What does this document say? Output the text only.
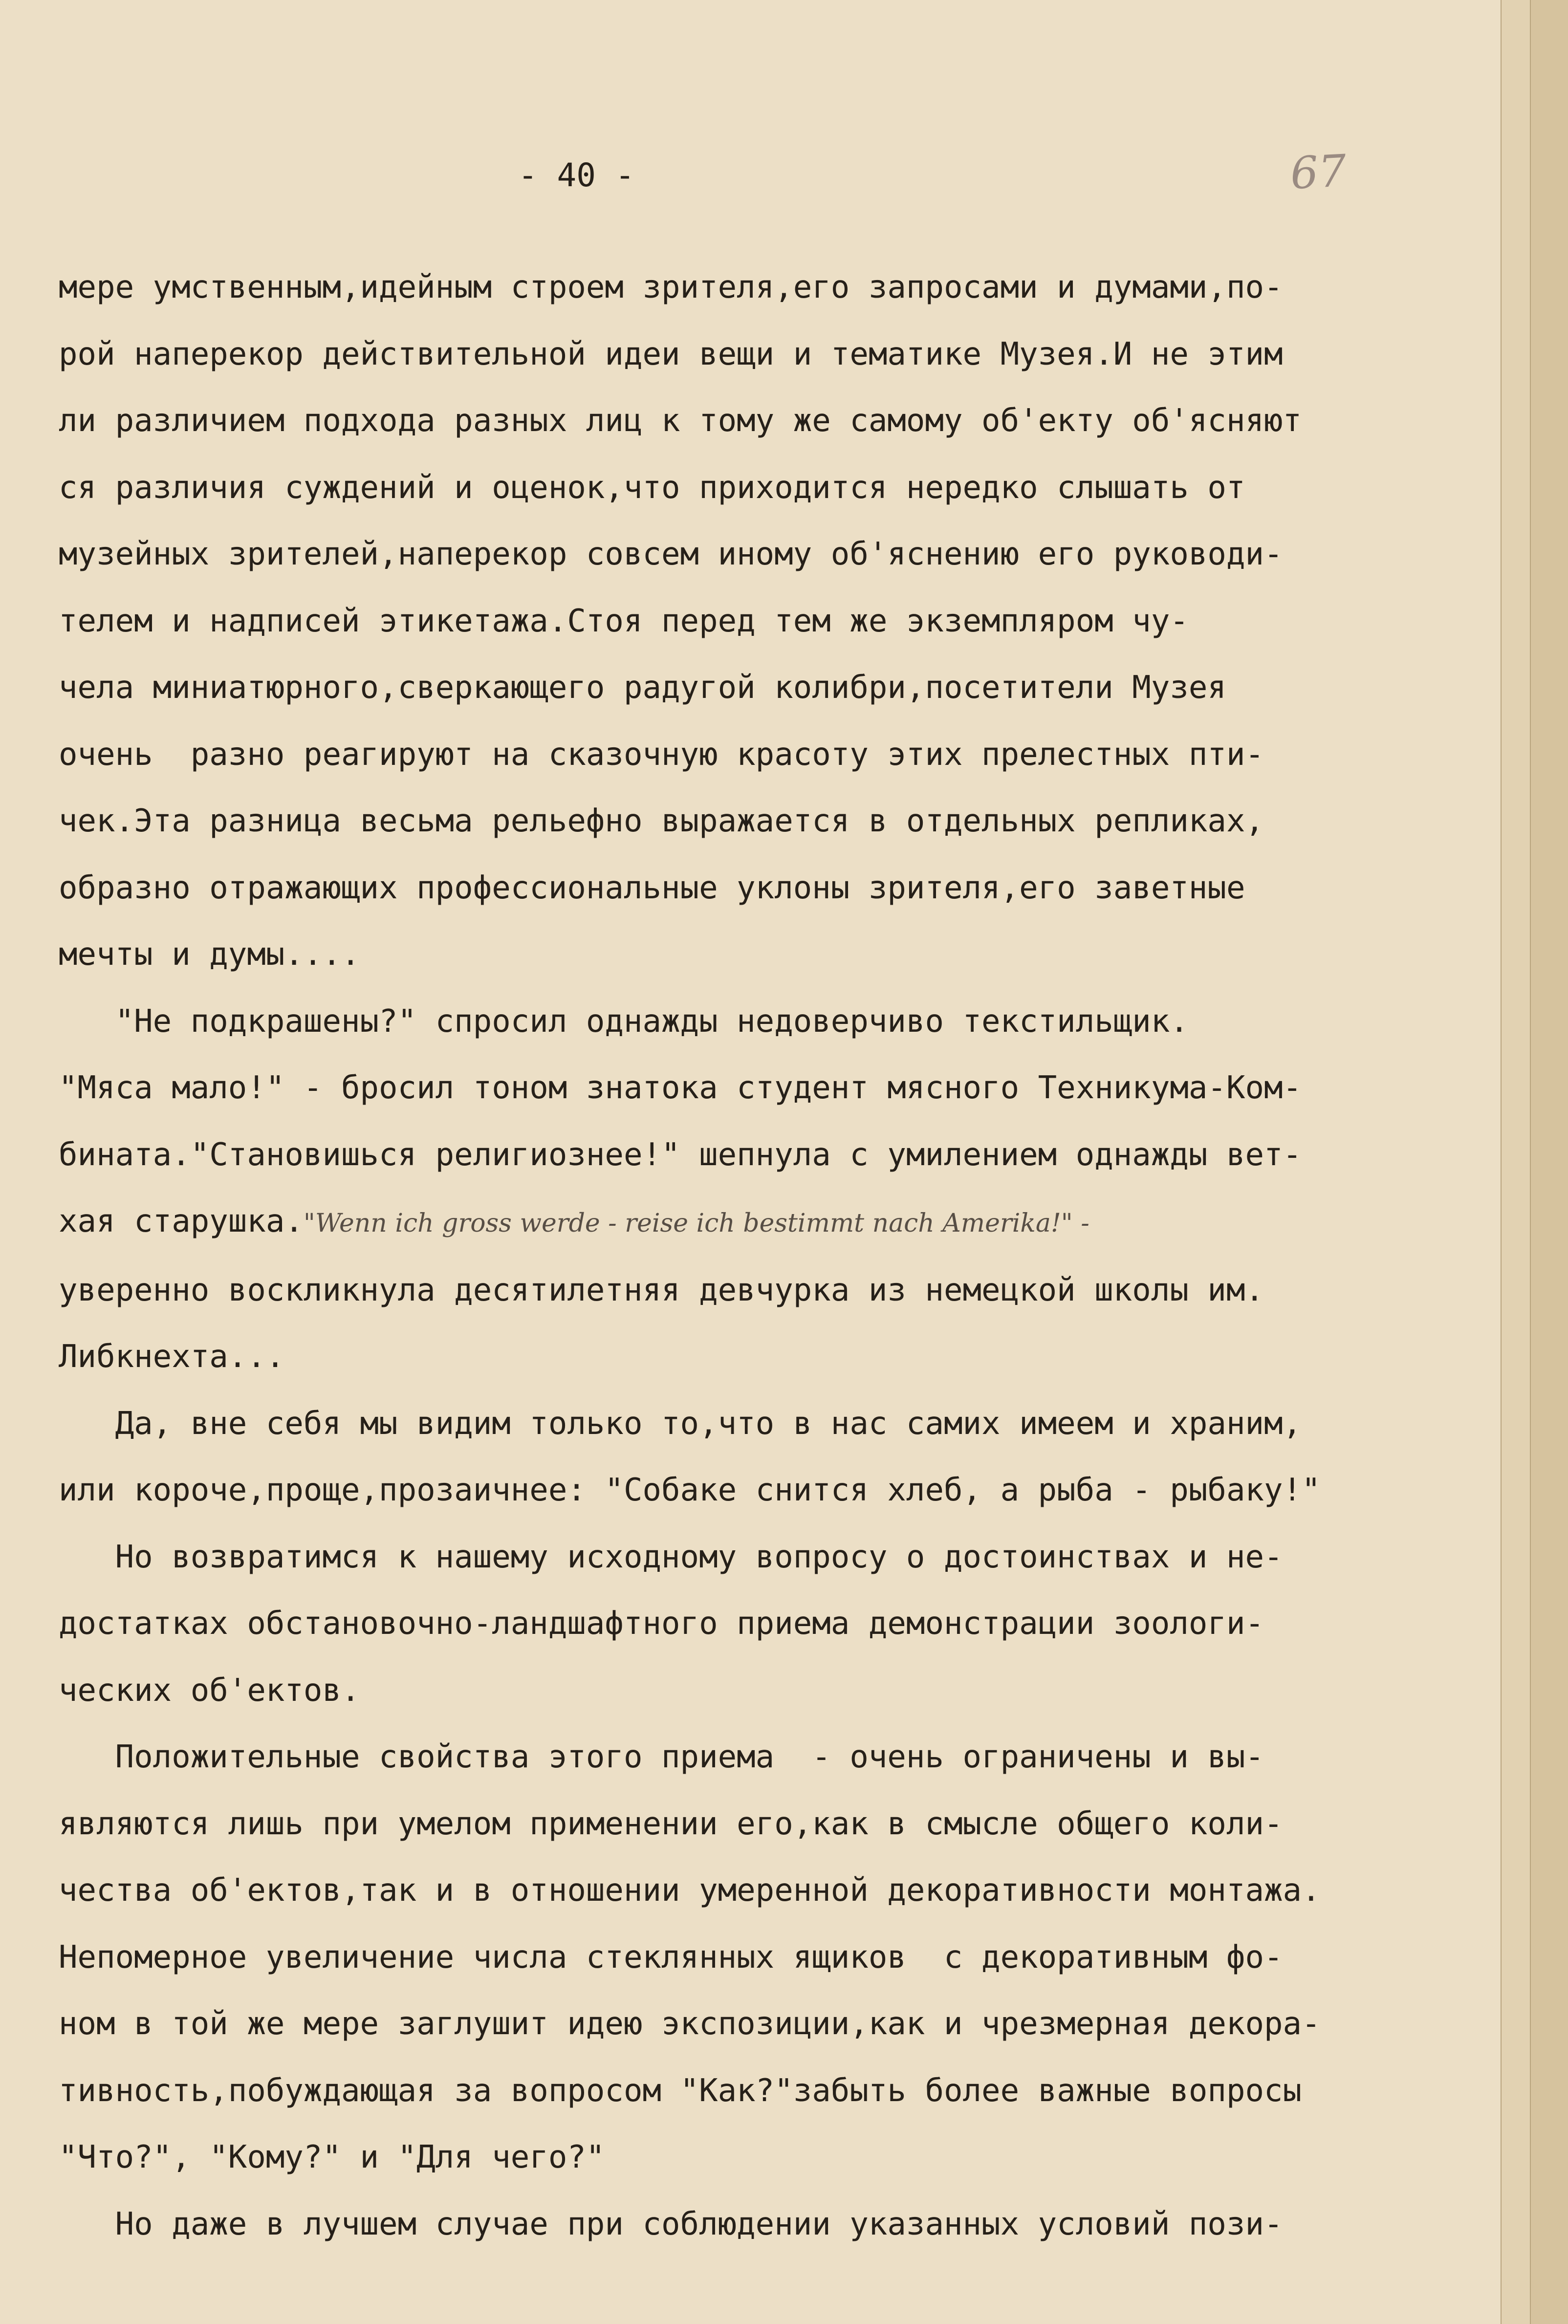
- 40 -	67
мере умственным,идейным строем зрителя,его запросами и думами,по-
рой наперекор действительной идеи вещи и тематике Музея.И не этим
ли различием подхода разных лиц к тому же самому об'екту об'ясняют
ся различия суждений и оценок,что приходится нередко слышать от
музейных зрителей,наперекор совсем иному об'яснению его руководи-
телем и надписей этикетажа.Стоя перед тем же экземпляром чу-
чела миниатюрного,сверкающего радугой колибри,посетители Музея
очень  разно реагируют на сказочную красоту этих прелестных пти-
чек.Эта разница весьма рельефно выражается в отдельных репликах,
образно отражающих профессиональные уклоны зрителя,его заветные
мечты и думы....
"Не подкрашены?" спросил однажды недоверчиво текстильщик.
"Мяса мало!" - бросил тоном знатока студент мясного Техникума-Ком-
бината."Становишься религиознее!" шепнула с умилением однажды вет-
хая старушка."Wenn ich gross werde - reise ich bestimmt nach Amerika!" -
уверенно воскликнула десятилетняя девчурка из немецкой школы им.
Либкнехта...
Да, вне себя мы видим только то,что в нас самих имеем и храним,
или короче,проще,прозаичнее: "Собаке снится хлеб, а рыба - рыбаку!"
Но возвратимся к нашему исходному вопросу о достоинствах и не-
достатках обстановочно-ландшафтного приема демонстрации зоологи-
ческих об'ектов.
Положительные свойства этого приема  - очень ограничены и вы-
являются лишь при умелом применении его,как в смысле общего коли-
чества об'ектов,так и в отношении умеренной декоративности монтажа.
Непомерное увеличение числа стеклянных ящиков  с декоративным фо-
ном в той же мере заглушит идею экспозиции,как и чрезмерная декора-
тивность,побуждающая за вопросом "Как?"забыть более важные вопросы
"Что?", "Кому?" и "Для чего?"
Но даже в лучшем случае при соблюдении указанных условий пози-
